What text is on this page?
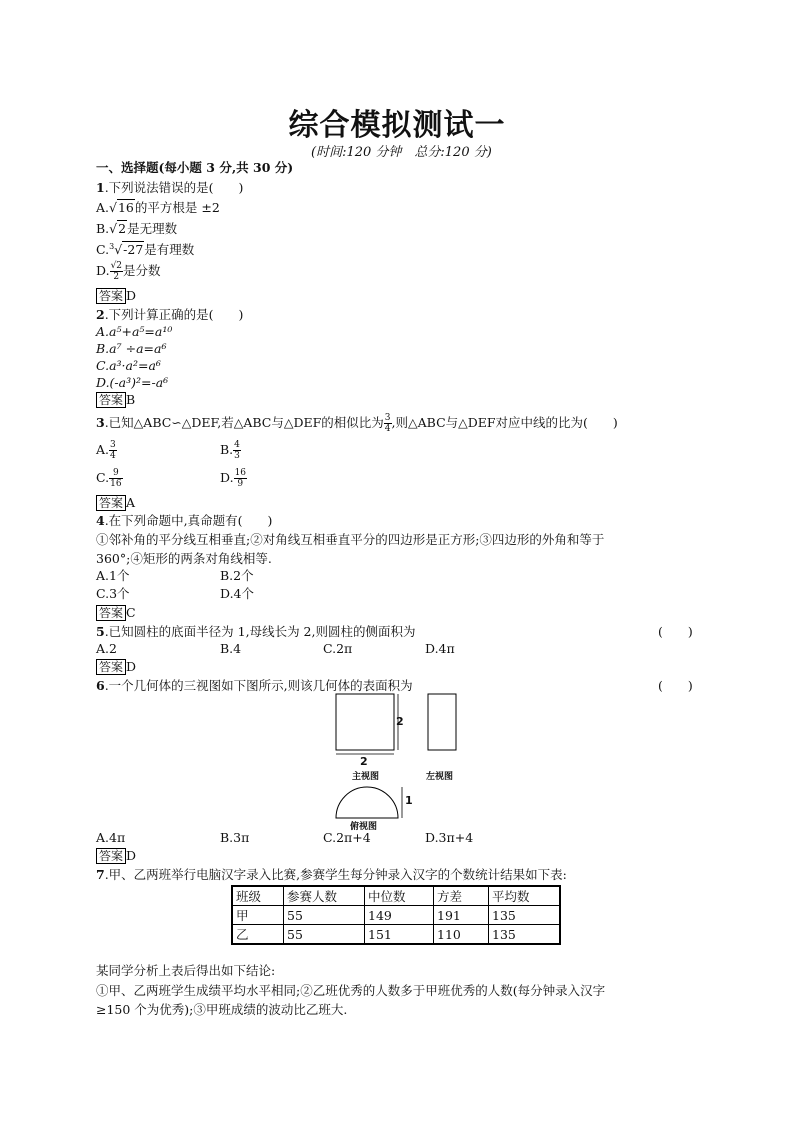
综合模拟测试一
(时间:120 分钟　总分:120 分)
一、选择题(每小题 3 分,共 30 分)
1.下列说法错误的是(　　)
A.√16的平方根是 ±2
B.√2是无理数
C.$^3$√-27是有理数
D. $\frac{√2}{2}$ 是分数
答案 D
2.下列计算正确的是(　　)
A.a⁵+a⁵=a¹⁰
B.a⁷ ÷a=a⁶
C.a³·a²=a⁶
D.(-a³)²=-a⁶
答案 B
3.已知△ABC∽△DEF,若△ABC与△DEF的相似比为 $\frac{3}{4}$ ,则△ABC与△DEF对应中线的比为(　　)
A. $\frac{3}{4}$	B. $\frac{4}{3}$
C. $\frac{9}{16}$	D. $\frac{16}{9}$
答案 A
4.在下列命题中,真命题有(　　)
①邻补角的平分线互相垂直;②对角线互相垂直平分的四边形是正方形;③四边形的外角和等于
360°;④矩形的两条对角线相等.
A.1个	B.2个
C.3个	D.4个
答案 C
5.已知圆柱的底面半径为 1,母线长为 2,则圆柱的侧面积为	(　　)
A.2	B.4	C.2π	D.4π
答案 D
6.一个几何体的三视图如下图所示,则该几何体的表面积为	(　　)
2
2
主视图	左视图
1
俯视图
A.4π	B.3π	C.2π+4	D.3π+4
答案 D
7.甲、乙两班举行电脑汉字录入比赛,参赛学生每分钟录入汉字的个数统计结果如下表:
班级	参赛人数	中位数	方差	平均数
甲	55	149	191	135
乙	55	151	110	135
某同学分析上表后得出如下结论:
①甲、乙两班学生成绩平均水平相同;②乙班优秀的人数多于甲班优秀的人数(每分钟录入汉字
≥150 个为优秀);③甲班成绩的波动比乙班大.
